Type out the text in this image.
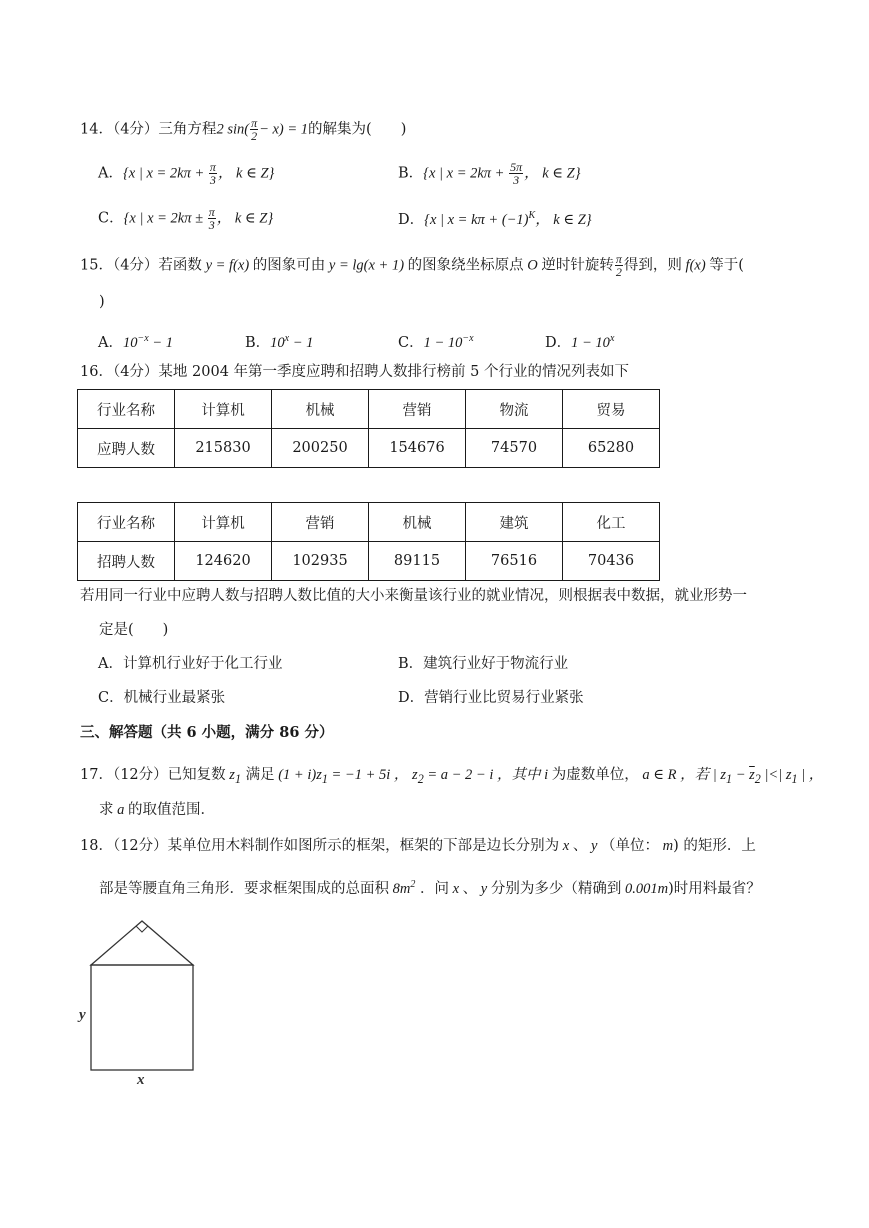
14．（4分）三角方程2 $\sin( \frac{\pi}{2} - x) = 1$的解集为(　　)
A．{x | $x = 2k\pi + \frac{\pi}{3}$ ， k ∈ Z}	B．{x | $x = 2k\pi + \frac{5\pi}{3}$ ， k ∈ Z}
C．{x | $x = 2k\pi \pm \frac{\pi}{3}$ ， k ∈ Z}	D．{x | $x = k\pi + (-1)^K$， k ∈ Z}
15．（4分）若函数 y = f(x) 的图象可由 y = lg(x + 1) 的图象绕坐标原点 O 逆时针旋转 $\frac{\pi}{2}$ 得到，则 f(x) 等于(
)
A．$10^{-x} - 1$	B．$10^x - 1$	C．$1 - 10^{-x}$	D．$1 - 10^x$
16．（4分）某地 2004 年第一季度应聘和招聘人数排行榜前 5 个行业的情况列表如下
行业名称	计算机	机械	营销	物流	贸易
应聘人数	215830	200250	154676	74570	65280
行业名称	计算机	营销	机械	建筑	化工
招聘人数	124620	102935	89115	76516	70436
若用同一行业中应聘人数与招聘人数比值的大小来衡量该行业的就业情况，则根据表中数据，就业形势一
定是(　　)
A．计算机行业好于化工行业	B．建筑行业好于物流行业
C．机械行业最紧张	D．营销行业比贸易行业紧张
三、解答题（共 6 小题，满分 86 分）
17．（12分）已知复数 $z_1$ 满足 $(1 + i)z_1 = -1 + 5i$ ， $z_2 = a - 2 - i$ ，其中 i 为虚数单位， a ∈ R ，若 | $z_1 - \overline{z}_2$ |<| $z_1$ | ，
求 a 的取值范围．
18．（12分）某单位用木料制作如图所示的框架，框架的下部是边长分别为 x 、 y （单位： m) 的矩形．上
部是等腰直角三角形．要求框架围成的总面积 $8m^2$ ．问 x 、 y 分别为多少（精确到 0.001m)时用料最省？
y
x
